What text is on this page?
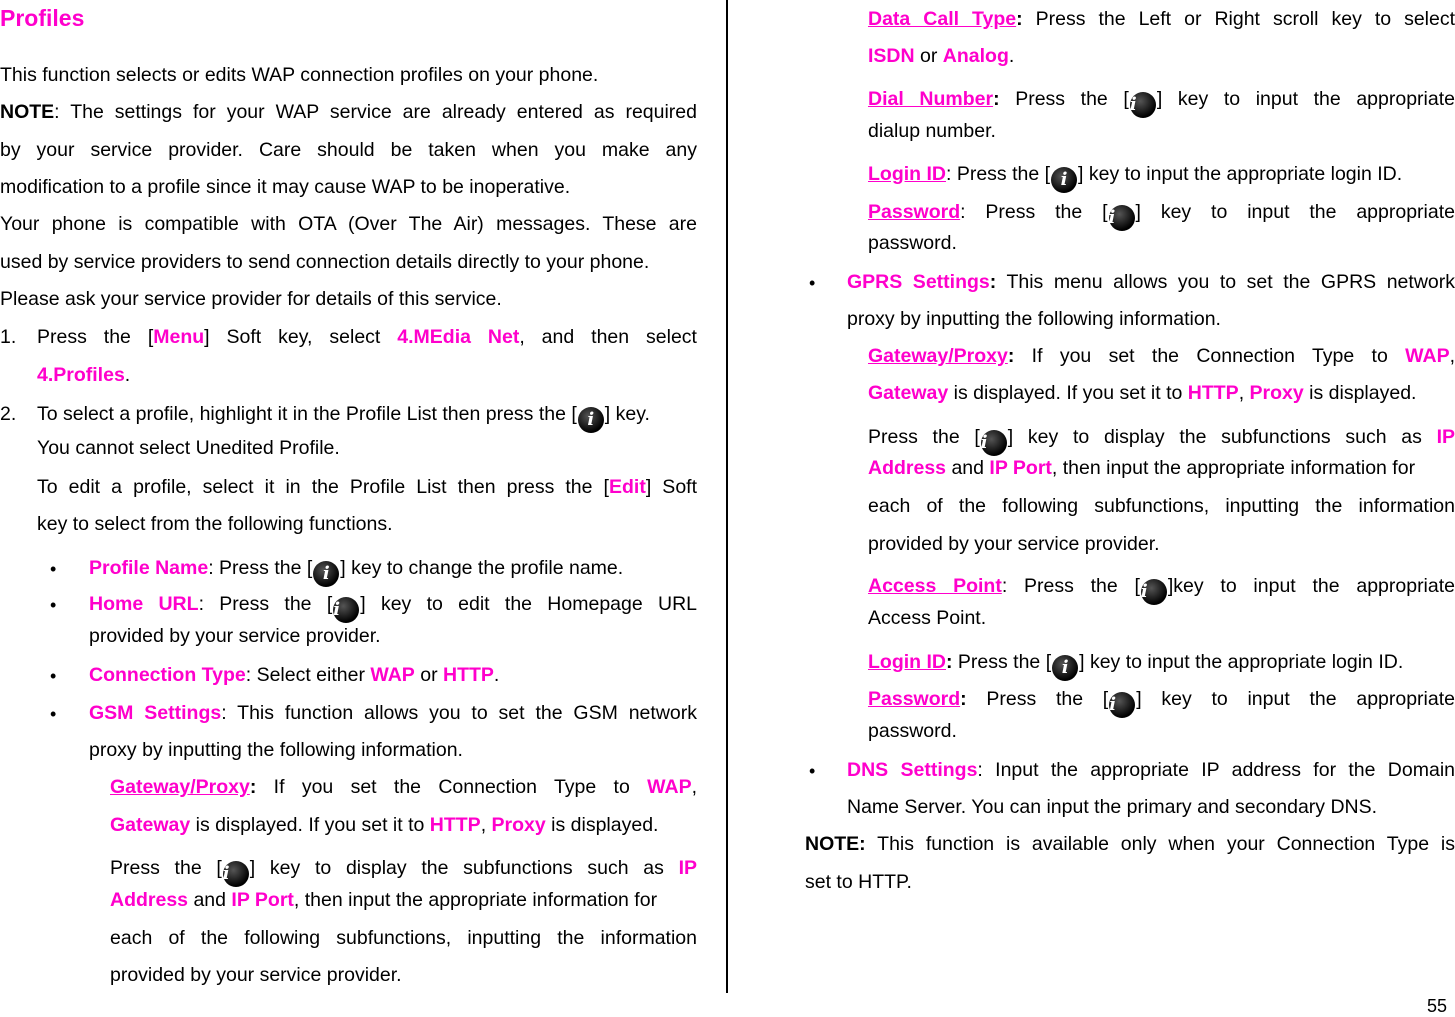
Profiles
This function selects or edits WAP connection profiles on your phone.
NOTE: The settings for your WAP service are already entered as required
by your service provider. Care should be taken when you make any
modification to a profile since it may cause WAP to be inoperative.
Your phone is compatible with OTA (Over The Air) messages. These are
used by service providers to send connection details directly to your phone.
Please ask your service provider for details of this service.
1. Press the [Menu] Soft key, select 4.MEdia Net, and then select
4.Profiles.
2. To select a profile, highlight it in the Profile List then press the [ i ] key.
You cannot select Unedited Profile.
To edit a profile, select it in the Profile List then press the [Edit] Soft
key to select from the following functions.
• Profile Name: Press the [ i ] key to change the profile name.
• Home URL: Press the [i ] key to edit the Homepage URL
provided by your service provider.
• Connection Type: Select either WAP or HTTP.
• GSM Settings: This function allows you to set the GSM network
proxy by inputting the following information.
Gateway/Proxy: If you set the Connection Type to WAP,
Gateway is displayed. If you set it to HTTP, Proxy is displayed.
Press the [i ] key to display the subfunctions such as IP
Address and IP Port, then input the appropriate information for
each of the following subfunctions, inputting the information
provided by your service provider.
Data Call Type: Press the Left or Right scroll key to select
ISDN or Analog.
Dial Number: Press the [i ] key to input the appropriate
dialup number.
Login ID: Press the [ i ] key to input the appropriate login ID.
Password: Press the [i ] key to input the appropriate
password.
• GPRS Settings: This menu allows you to set the GPRS network
proxy by inputting the following information.
Gateway/Proxy: If you set the Connection Type to WAP,
Gateway is displayed. If you set it to HTTP, Proxy is displayed.
Press the [i ] key to display the subfunctions such as IP
Address and IP Port, then input the appropriate information for
each of the following subfunctions, inputting the information
provided by your service provider.
Access Point: Press the [i ]key to input the appropriate
Access Point.
Login ID: Press the [ i ] key to input the appropriate login ID.
Password: Press the [i ] key to input the appropriate
password.
• DNS Settings: Input the appropriate IP address for the Domain
Name Server. You can input the primary and secondary DNS.
NOTE: This function is available only when your Connection Type is
set to HTTP.
55
